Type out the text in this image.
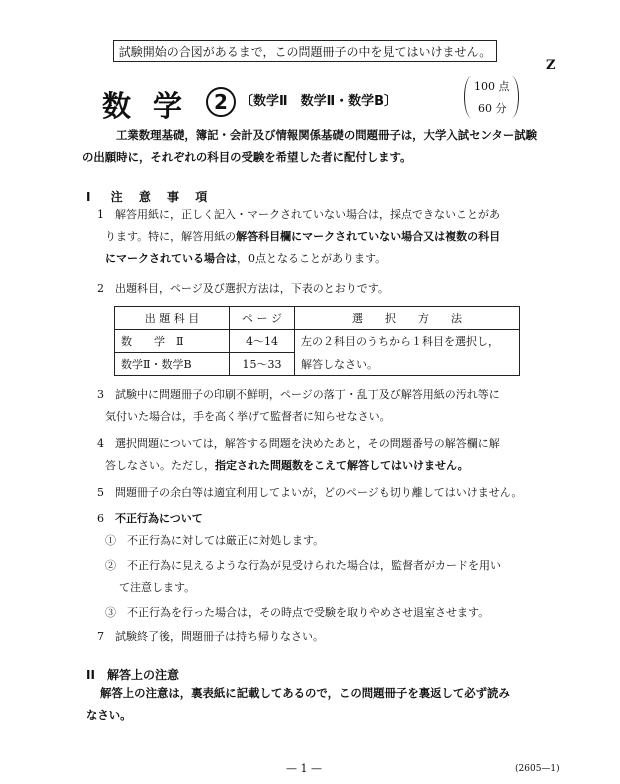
試験開始の合図があるまで，この問題冊子の中を見てはいけません。
Z
数学 2 〔数学Ⅱ　数学Ⅱ・数学B〕
100 点
60 分
工業数理基礎，簿記・会計及び情報関係基礎の問題冊子は，大学入試センター試験
の出願時に，それぞれの科目の受験を希望した者に配付します。
I 注 意 事 項
1　 解答用紙に，正しく記入・マークされていない場合は，採点できないことがあ
ります。特に，解答用紙の解答科目欄にマークされていない場合又は複数の科目
にマークされている場合は，0点となることがあります。
2　 出題科目，ページ及び選択方法は，下表のとおりです。
出 題 科 目	ペ ー ジ	選　　択　　方　　法
数　　学　Ⅱ	4～14	左の２科目のうちから１科目を選択し，
数学Ⅱ・数学B	15～33	解答しなさい。
3　 試験中に問題冊子の印刷不鮮明，ページの落丁・乱丁及び解答用紙の汚れ等に
気付いた場合は，手を高く挙げて監督者に知らせなさい。
4　 選択問題については，解答する問題を決めたあと，その問題番号の解答欄に解
答しなさい。ただし，指定された問題数をこえて解答してはいけません。
5　 問題冊子の余白等は適宜利用してよいが，どのページも切り離してはいけません。
6　 不正行為について
①　 不正行為に対しては厳正に対処します。
②　 不正行為に見えるような行為が見受けられた場合は，監督者がカードを用い
て注意します。
③　 不正行為を行った場合は，その時点で受験を取りやめさせ退室させます。
7　 試験終了後，問題冊子は持ち帰りなさい。
II　 解答上の注意
解答上の注意は，裏表紙に記載してあるので，この問題冊子を裏返して必ず読み
なさい。
— 1 —	(2605—1)
